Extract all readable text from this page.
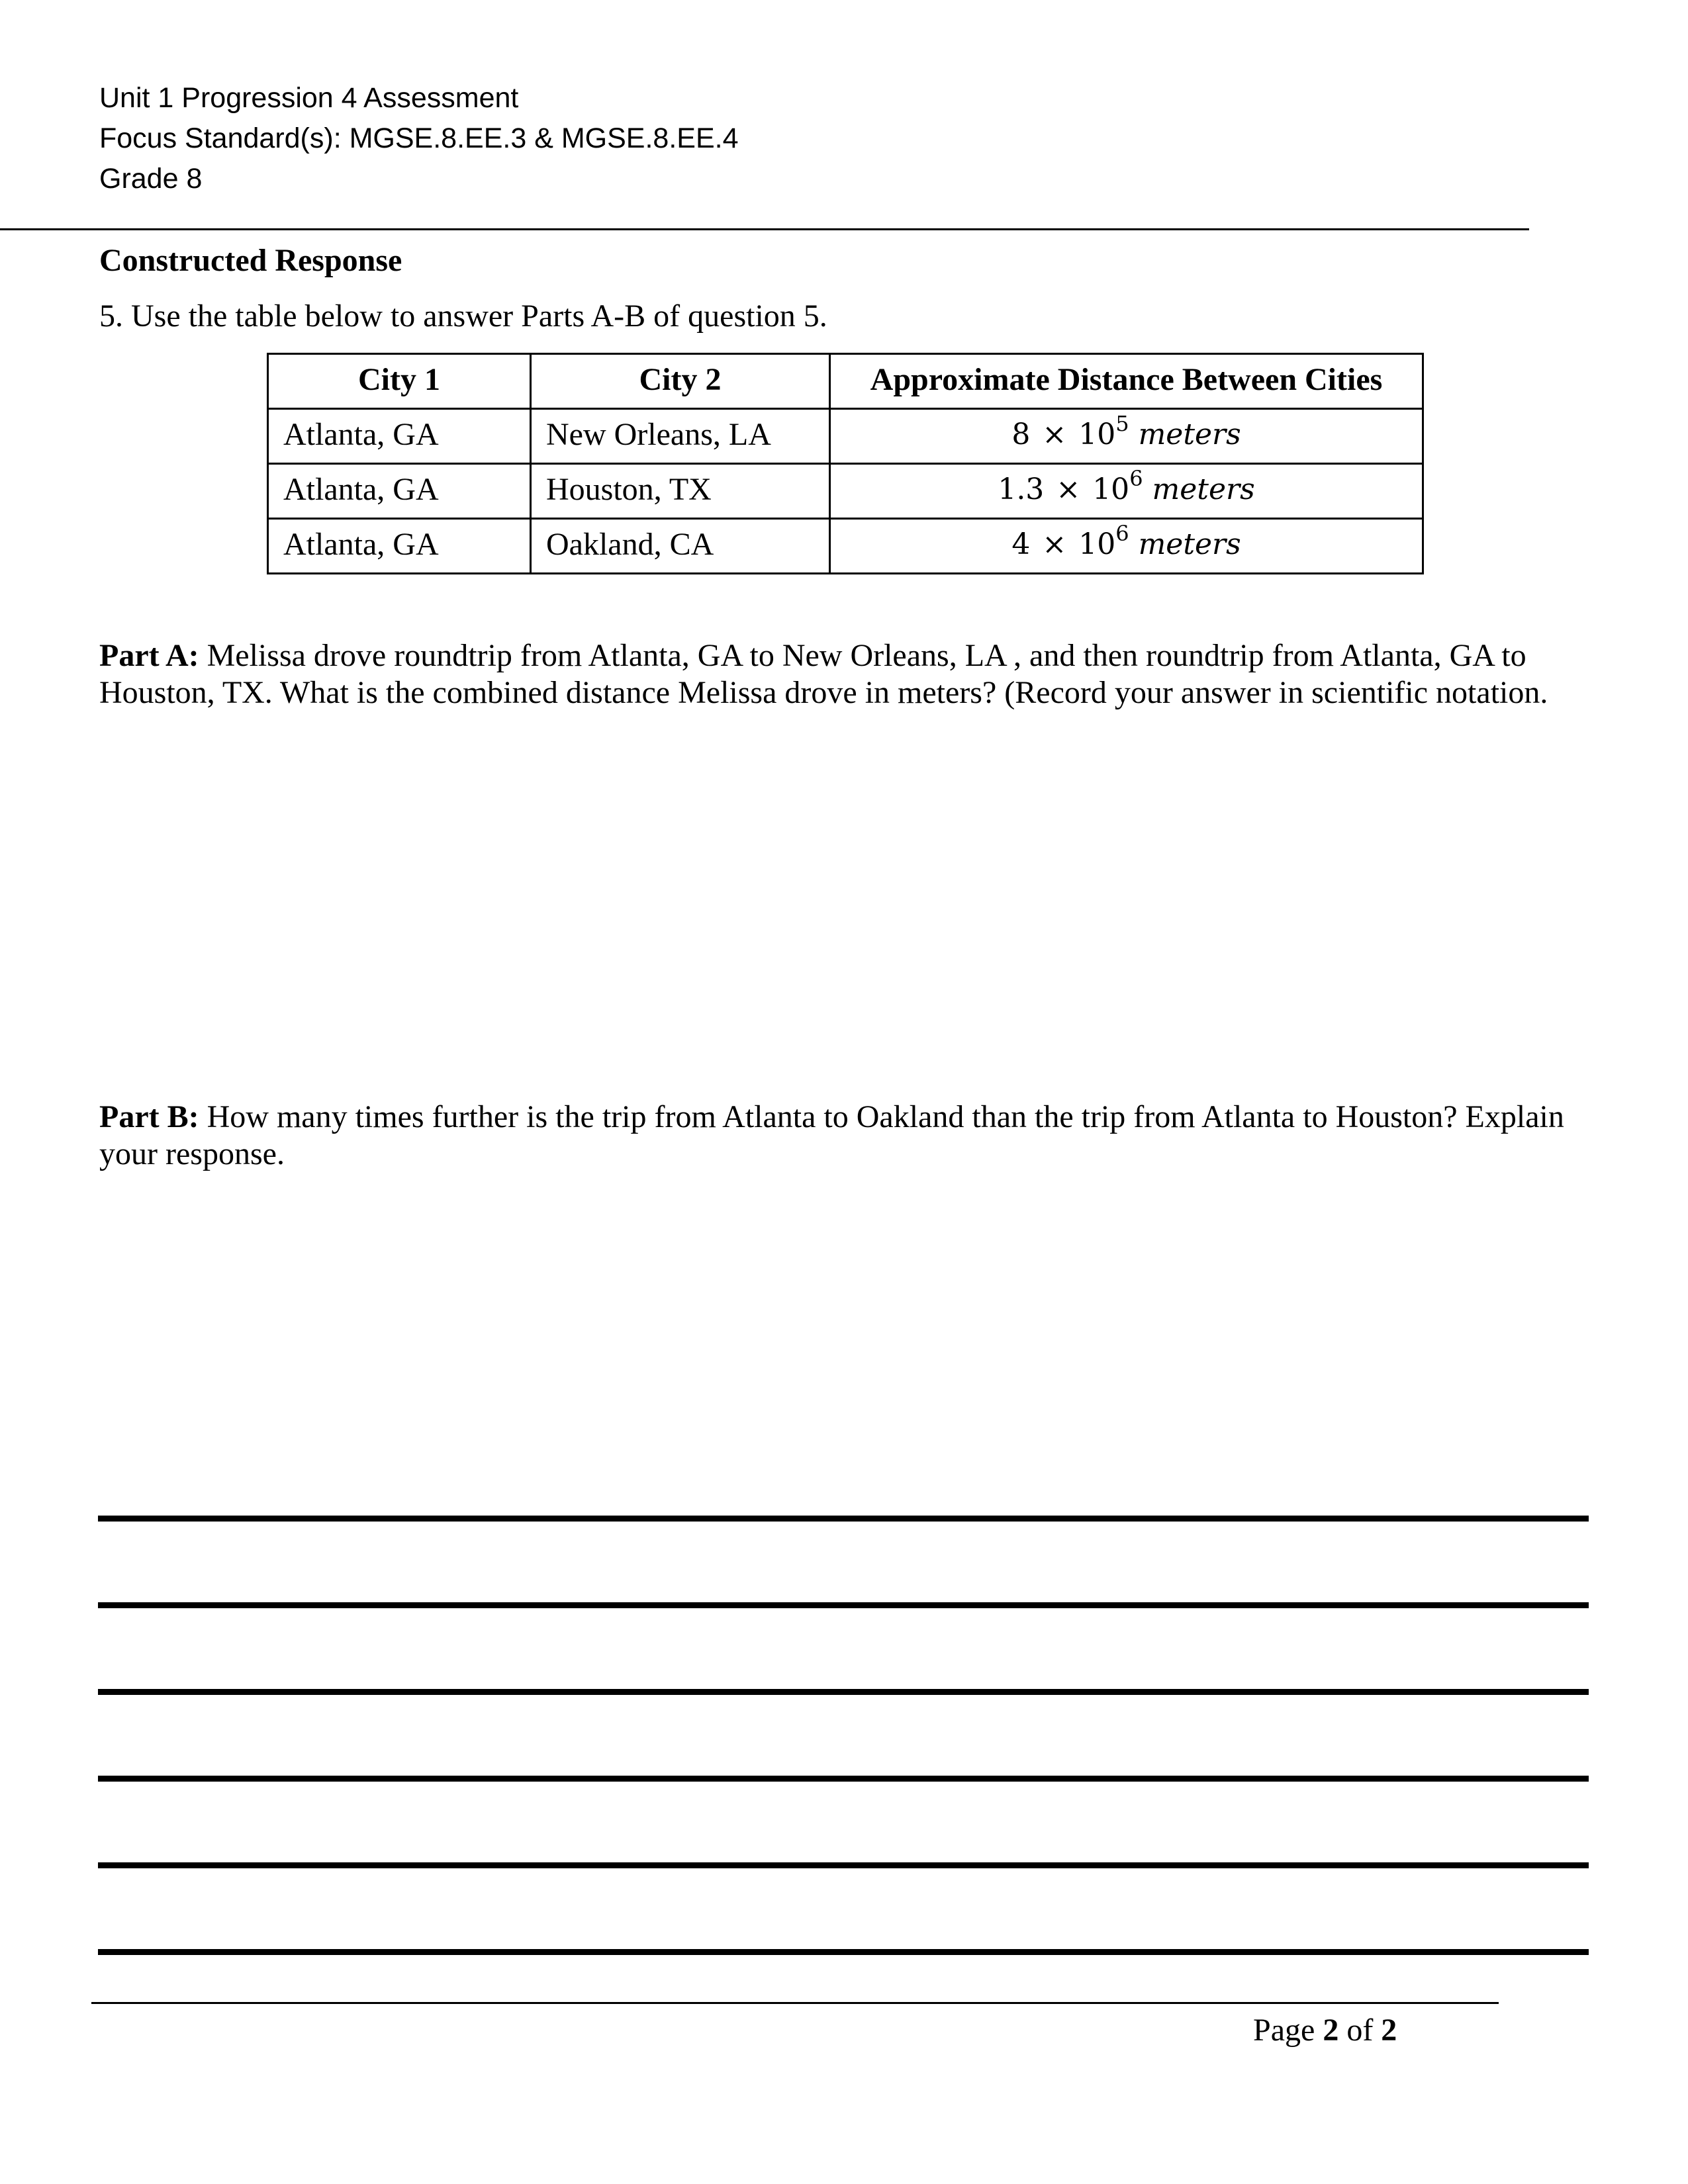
Unit 1 Progression 4 Assessment
Focus Standard(s): MGSE.8.EE.3 & MGSE.8.EE.4
Grade 8
Constructed Response
5. Use the table below to answer Parts A-B of question 5.
City 1	City 2	Approximate Distance Between Cities
Atlanta, GA	New Orleans, LA	$8 \times 10^5$ meters
Atlanta, GA	Houston, TX	$1.3 \times 10^6$ meters
Atlanta, GA	Oakland, CA	$4 \times 10^6$ meters
Part A: Melissa drove roundtrip from Atlanta, GA to New Orleans, LA , and then roundtrip from Atlanta, GA to Houston, TX. What is the combined distance Melissa drove in meters? (Record your answer in scientific notation.
Part B: How many times further is the trip from Atlanta to Oakland than the trip from Atlanta to Houston? Explain your response.
Page 2 of 2
